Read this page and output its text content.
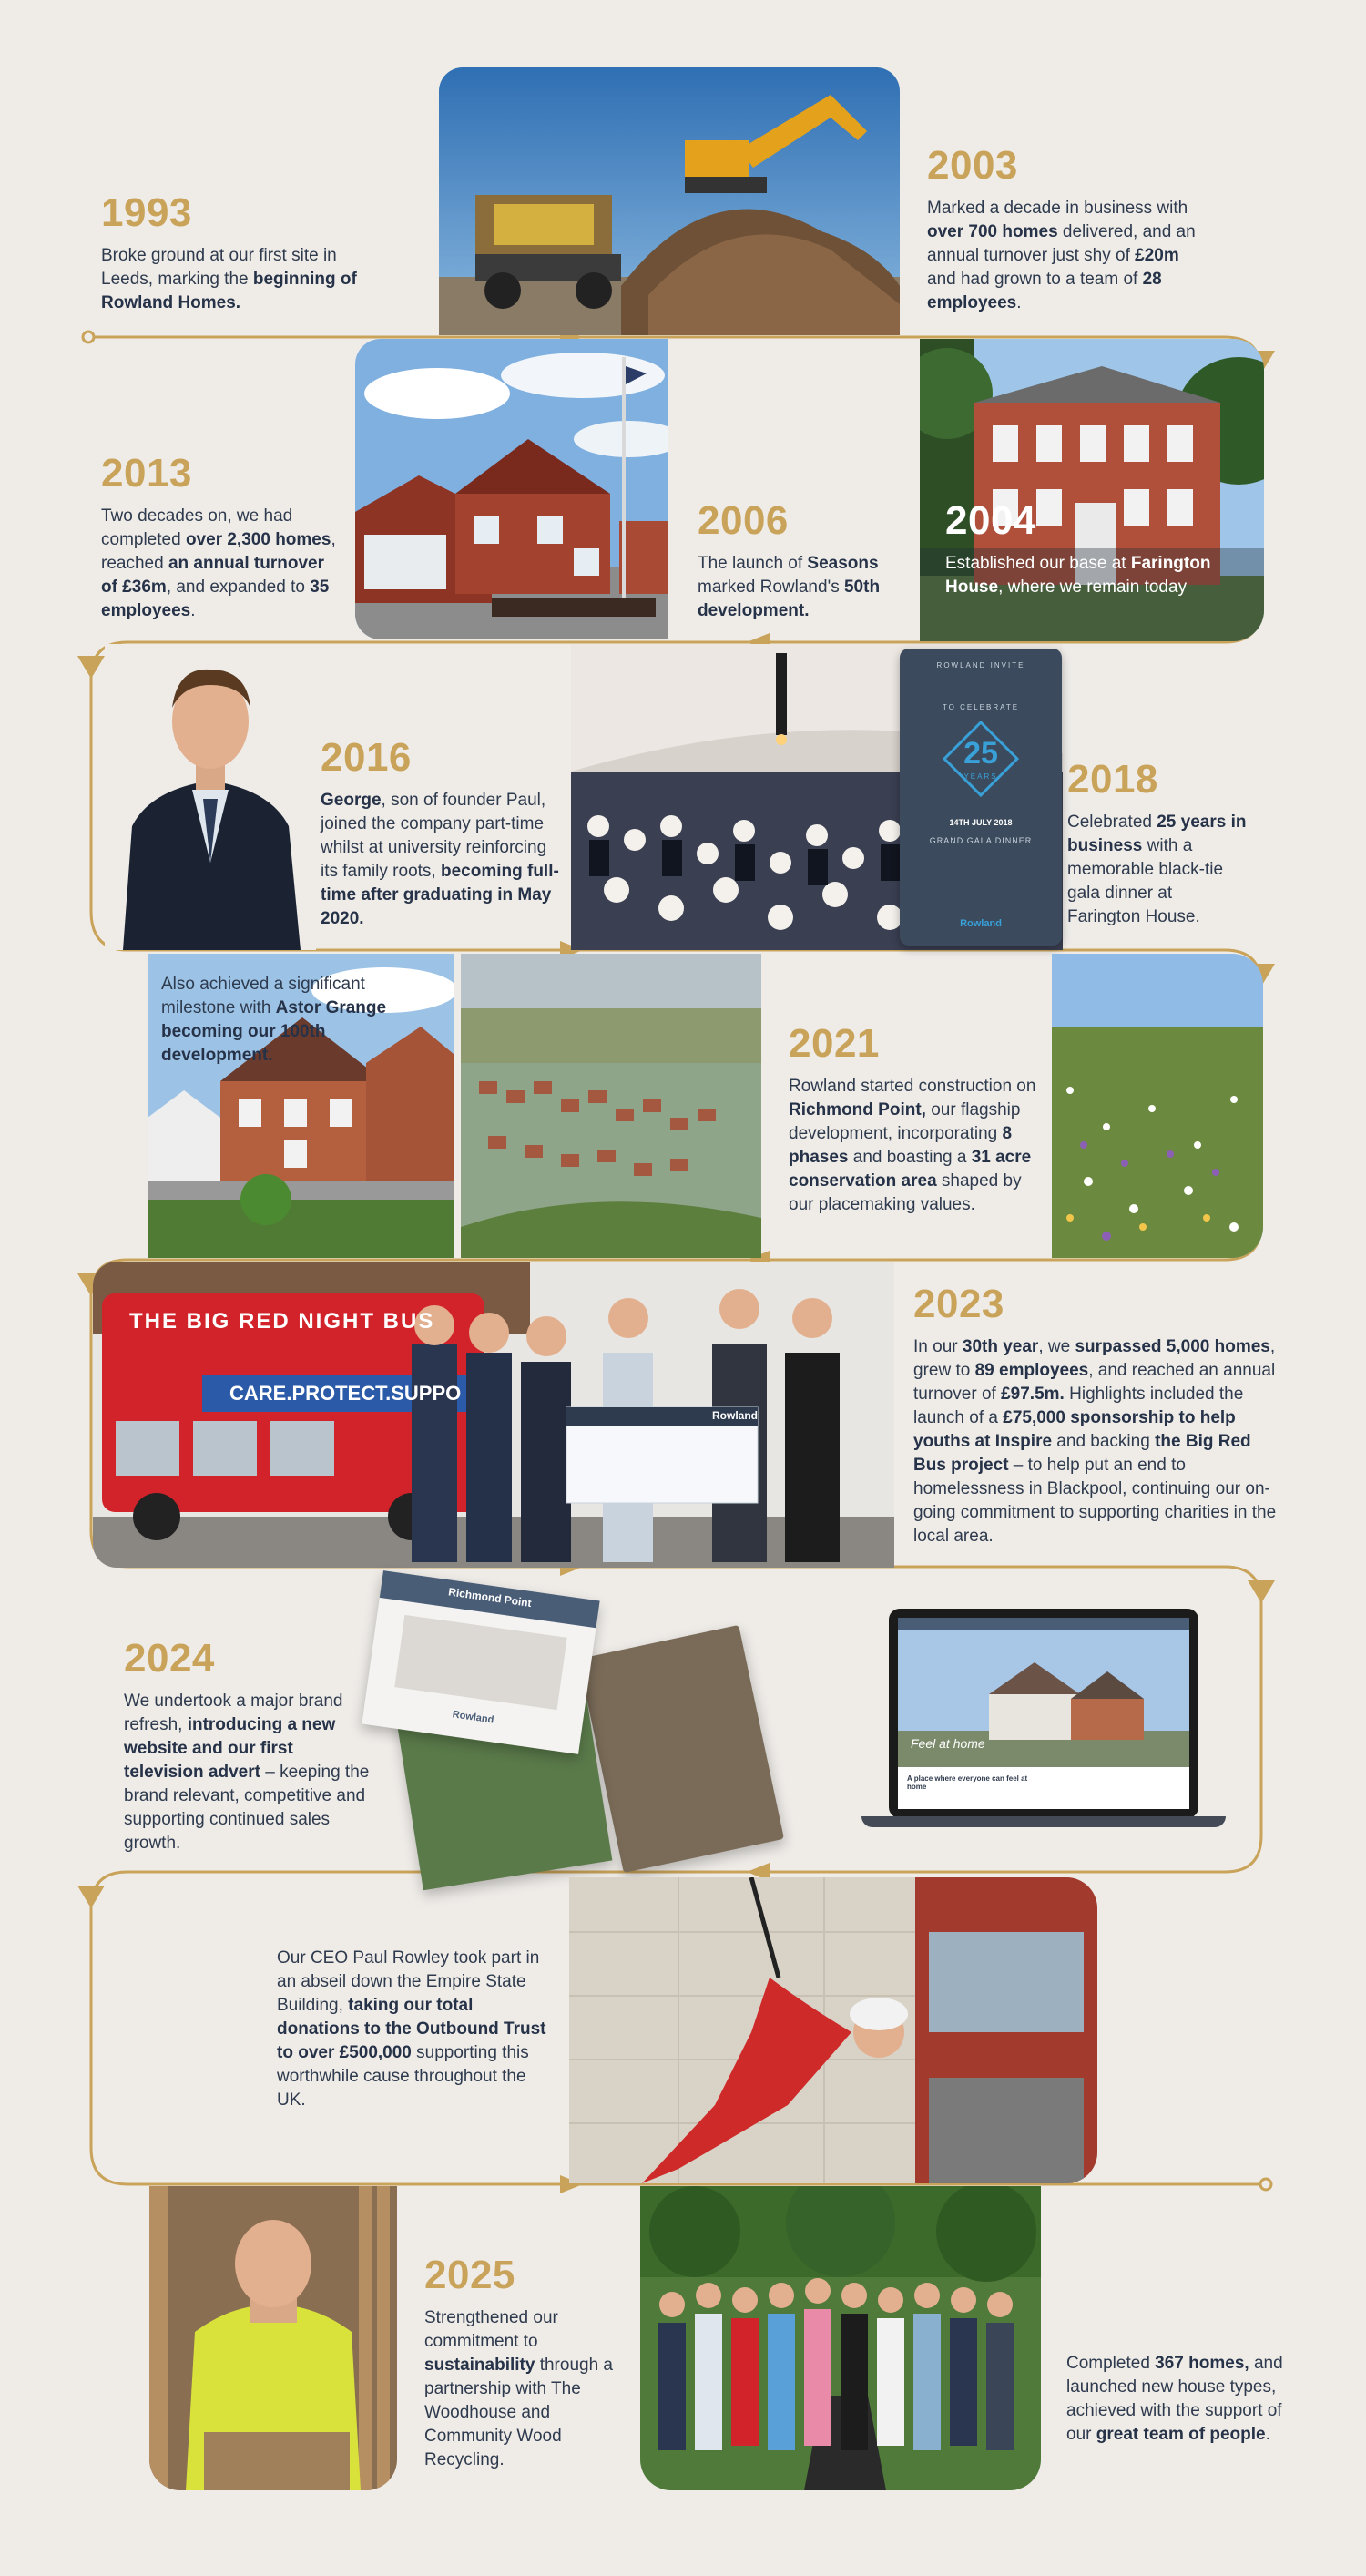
ROWLAND INVITE
TO CELEBRATE
25
YEARS
14TH JULY 2018
GRAND GALA DINNER
Rowland
THE BIG RED NIGHT BUS
CARE.PROTECT.SUPPO
Rowland
Richmond Point
Rowland
Feel at home
A place where everyone can feel at home
1993
Broke ground at our first site in Leeds, marking the beginning of Rowland Homes.
2003
Marked a decade in business with over 700 homes delivered, and an annual turnover just shy of £20m and had grown to a team of 28 employees.
2013
Two decades on, we had completed over 2,300 homes, reached an annual turnover of £36m, and expanded to 35 employees.
2006
The launch of Seasons marked Rowland's 50th development.
2004
Established our base at Farington House, where we remain today
2016
George, son of founder Paul, joined the company part-time whilst at university reinforcing its family roots, becoming full-time after graduating in May 2020.
2018
Celebrated 25 years in business with a memorable black-tie gala dinner at Farington House.
Also achieved a significant milestone with Astor Grange becoming our 100th development.	2021
Rowland started construction on Richmond Point, our flagship development, incorporating 8 phases and boasting a 31 acre conservation area shaped by our placemaking values.
2023
In our 30th year, we surpassed 5,000 homes, grew to 89 employees, and reached an annual turnover of £97.5m. Highlights included the launch of a £75,000 sponsorship to help youths at Inspire and backing the Big Red Bus project – to help put an end to homelessness in Blackpool, continuing our on-going commitment to supporting charities in the local area.
2024
We undertook a major brand refresh, introducing a new website and our first television advert – keeping the brand relevant, competitive and supporting continued sales growth.
Our CEO Paul Rowley took part in an abseil down the Empire State Building, taking our total donations to the Outbound Trust to over £500,000 supporting this worthwhile cause throughout the UK.
2025
Strengthened our commitment to sustainability through a partnership with The Woodhouse and Community Wood Recycling.
Completed 367 homes, and launched new house types, achieved with the support of our great team of people.
